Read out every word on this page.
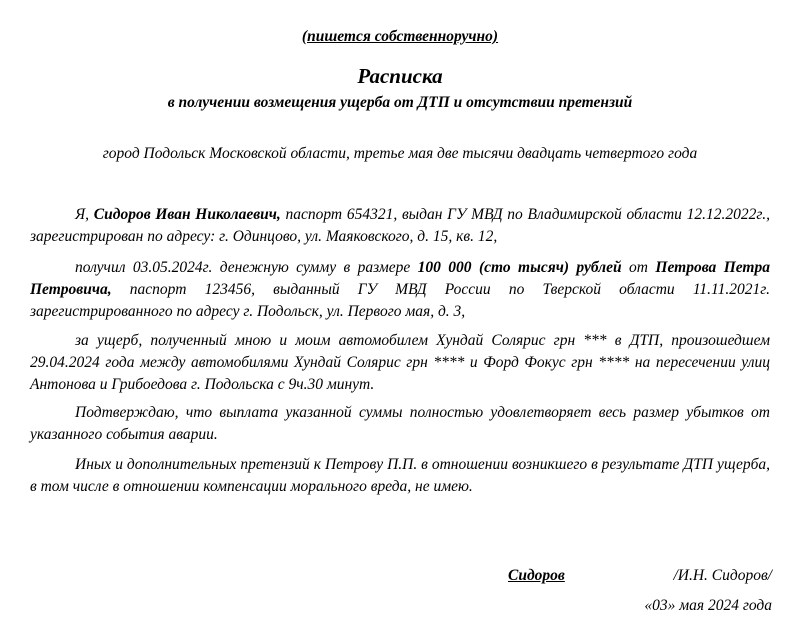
(пишется собственноручно)
Расписка
в получении возмещения ущерба от ДТП и отсутствии претензий
город Подольск Московской области, третье мая две тысячи двадцать четвертого года

Я, Сидоров Иван Николаевич, паспорт 654321, выдан ГУ МВД по Владимирской области 12.12.2022г., зарегистрирован по адресу: г. Одинцово, ул. Маяковского, д. 15, кв. 12,

получил 03.05.2024г. денежную сумму в размере 100 000 (сто тысяч) рублей от Петрова Петра Петровича, паспорт 123456, выданный ГУ МВД России по Тверской области 11.11.2021г. зарегистрированного по адресу г. Подольск, ул. Первого мая, д. 3,

за ущерб, полученный мною и моим автомобилем Хундай Солярис грн *** в ДТП, произошедшем 29.04.2024 года между автомобилями Хундай Солярис грн **** и Форд Фокус грн **** на пересечении улиц Антонова и Грибоедова г. Подольска с 9ч.30 минут.

Подтверждаю, что выплата указанной суммы полностью удовлетворяет весь размер убытков от указанного события аварии.

Иных и дополнительных претензий к Петрову П.П. в отношении возникшего в результате ДТП ущерба, в том числе в отношении компенсации морального вреда, не имею.

Сидоров	/И.Н. Сидоров/
«03» мая 2024 года
